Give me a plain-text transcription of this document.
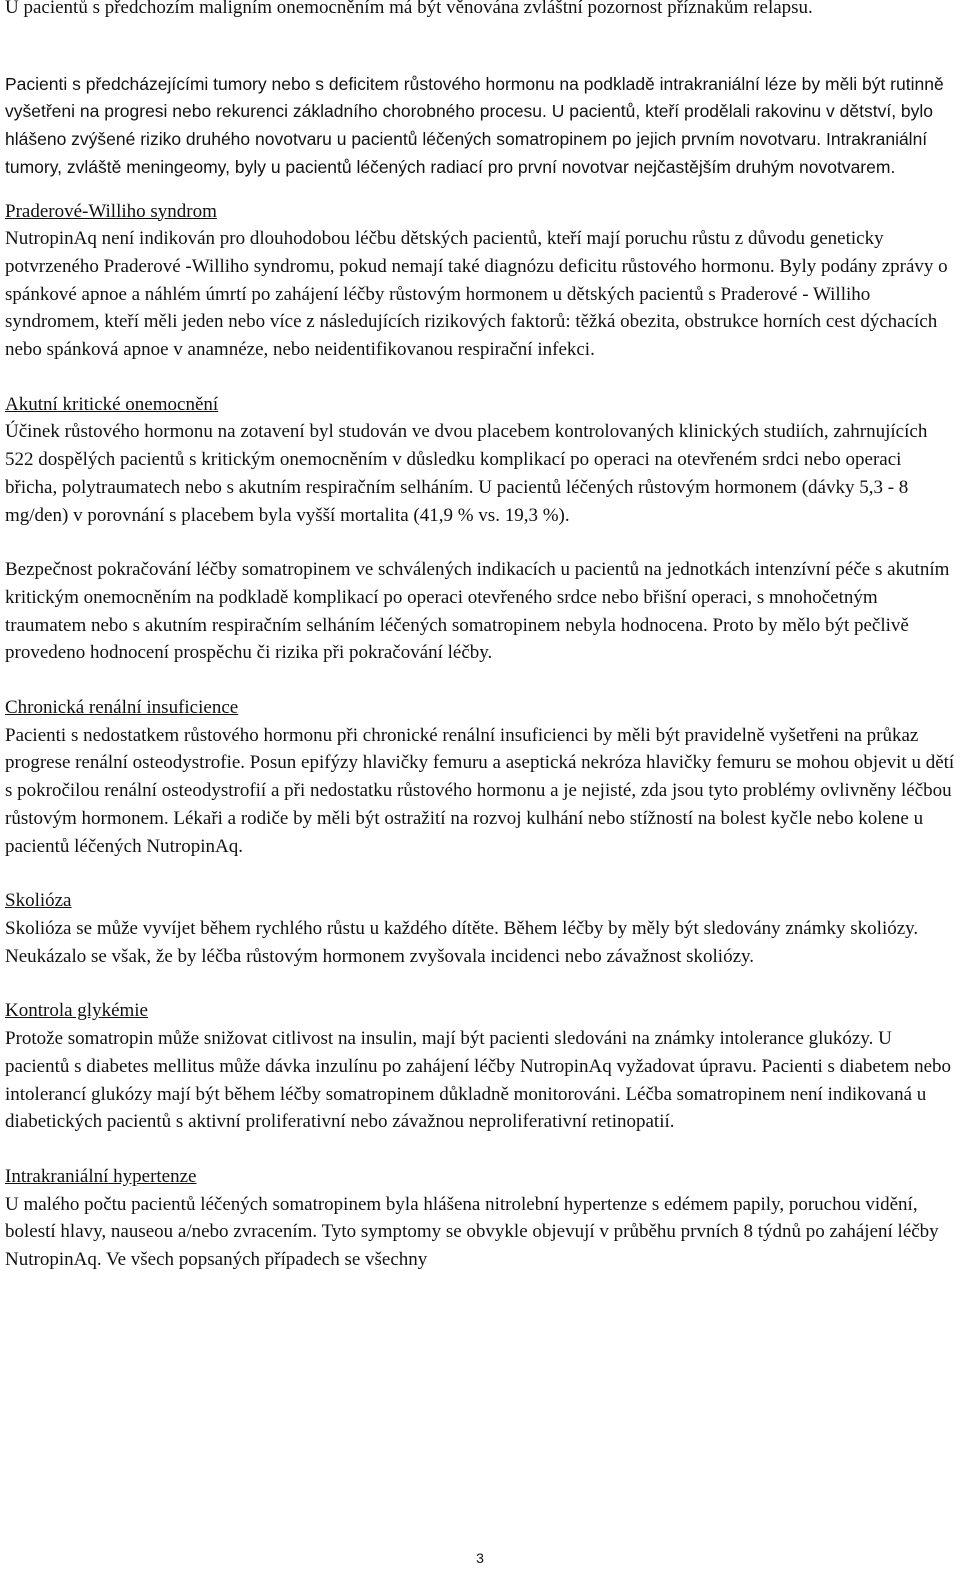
U pacientů s předchozím maligním onemocněním má být věnována zvláštní pozornost příznakům relapsu.

Pacienti s předcházejícími tumory nebo s deficitem růstového hormonu na podkladě intrakraniální léze by měli být rutinně vyšetřeni na progresi nebo rekurenci základního chorobného procesu. U pacientů, kteří prodělali rakovinu v dětství, bylo hlášeno zvýšené riziko druhého novotvaru u pacientů léčených somatropinem po jejich prvním novotvaru. Intrakraniální tumory, zvláště meningeomy, byly u pacientů léčených radiací pro první novotvar nejčastějším druhým novotvarem.

Praderové-Williho syndrom

NutropinAq není indikován pro dlouhodobou léčbu dětských pacientů, kteří mají poruchu růstu z důvodu geneticky potvrzeného Praderové -Williho syndromu, pokud nemají také diagnózu deficitu růstového hormonu. Byly podány zprávy o spánkové apnoe a náhlém úmrtí po zahájení léčby růstovým hormonem u dětských pacientů s Praderové - Williho syndromem, kteří měli jeden nebo více z následujících rizikových faktorů: těžká obezita, obstrukce horních cest dýchacích nebo spánková apnoe v anamnéze, nebo neidentifikovanou respirační infekci.

Akutní kritické onemocnění

Účinek růstového hormonu na zotavení byl studován ve dvou placebem kontrolovaných klinických studiích, zahrnujících 522 dospělých pacientů s kritickým onemocněním v důsledku komplikací po operaci na otevřeném srdci nebo operaci břicha, polytraumatech nebo s akutním respiračním selháním. U pacientů léčených růstovým hormonem (dávky 5,3 - 8 mg/den) v porovnání s placebem byla vyšší mortalita (41,9 % vs. 19,3 %).

Bezpečnost pokračování léčby somatropinem ve schválených indikacích u pacientů na jednotkách intenzívní péče s akutním kritickým onemocněním na podkladě komplikací po operaci otevřeného srdce nebo břišní operaci, s mnohočetným traumatem nebo s akutním respiračním selháním léčených somatropinem nebyla hodnocena. Proto by mělo být pečlivě provedeno hodnocení prospěchu či rizika při pokračování léčby.

Chronická renální insuficience

Pacienti s nedostatkem růstového hormonu při chronické renální insuficienci by měli být pravidelně vyšetřeni na průkaz progrese renální osteodystrofie. Posun epifýzy hlavičky femuru a aseptická nekróza hlavičky femuru se mohou objevit u dětí s pokročilou renální osteodystrofií a při nedostatku růstového hormonu a je nejisté, zda jsou tyto problémy ovlivněny léčbou růstovým hormonem. Lékaři a rodiče by měli být ostražití na rozvoj kulhání nebo stížností na bolest kyčle nebo kolene u pacientů léčených NutropinAq.

Skolióza

Skolióza se může vyvíjet během rychlého růstu u každého dítěte. Během léčby by měly být sledovány známky skoliózy. Neukázalo se však, že by léčba růstovým hormonem zvyšovala incidenci nebo závažnost skoliózy.

Kontrola glykémie

Protože somatropin může snižovat citlivost na insulin, mají být pacienti sledováni na známky intolerance glukózy. U pacientů s diabetes mellitus může dávka inzulínu po zahájení léčby NutropinAq vyžadovat úpravu. Pacienti s diabetem nebo intolerancí glukózy mají být během léčby somatropinem důkladně monitorováni. Léčba somatropinem není indikovaná u diabetických pacientů s aktivní proliferativní nebo závažnou neproliferativní retinopatií.

Intrakraniální hypertenze

U malého počtu pacientů léčených somatropinem byla hlášena nitrolební hypertenze s edémem papily, poruchou vidění, bolestí hlavy, nauseou a/nebo zvracením. Tyto symptomy se obvykle objevují v průběhu prvních 8 týdnů po zahájení léčby NutropinAq. Ve všech popsaných případech se všechny

3
